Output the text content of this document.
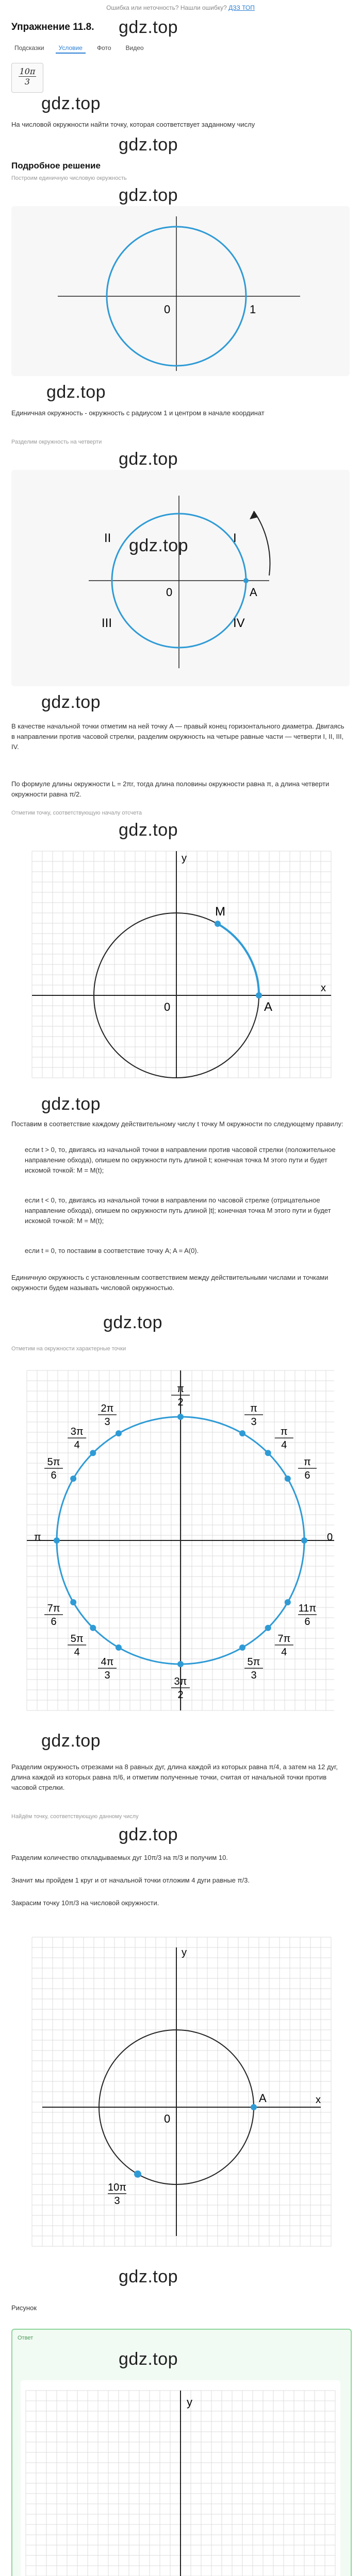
Ошибка или неточность? Нашли ошибку? ДЗЗ ТОП
Упражнение 11.8. gdz.top
Подсказки	Условие	Фото	Видео
$\frac{10\pi}{3}$
gdz.top
На числовой окружности найти точку, которая соответствует заданному числу
gdz.top
Подробное решение
Построим единичную числовую окружность
gdz.top
0	1
gdz.top
Единичная окружность - окружность с радиусом 1 и центром в начале координат
Разделим окружность на четверти
gdz.top
I
II
III	IV
0	A
gdz.top
gdz.top
В качестве начальной точки отметим на ней точку A — правый конец горизонтального диаметра. Двигаясь в направлении против часовой стрелки, разделим окружность на четыре равные части — четверти I, II, III, IV.
По формуле длины окружности L = 2πr, тогда длина половины окружности равна π, а длина четверти окружности равна π/2.
Отметим точку, соответствующую началу отсчета
gdz.top
A
M
0
x
y
gdz.top
Поставим в соответствие каждому действительному числу t точку M окружности по следующему правилу:
если t > 0, то, двигаясь из начальной точки в направлении против часовой стрелки (положительное направление обхода), опишем по окружности путь длиной t; конечная точка M этого пути и будет искомой точкой: M = M(t);
если t < 0, то, двигаясь из начальной точки в направлении по часовой стрелке (отрицательное направление обхода), опишем по окружности путь длиной |t|; конечная точка M этого пути и будет искомой точкой: M = M(t);
если t = 0, то поставим в соответствие точку A; A = A(0).
Единичную окружность с установленным соответствием между действительными числами и точками окружности будем называть числовой окружностью.
gdz.top
Отметим на окружности характерные точки
π
2
2π
3
3π
4
5π
6
π
7π
6
5π
4
4π
3
3π
2
5π
3
7π
4
11π
6
0
π
6
π
4
π
3
gdz.top
Разделим окружность отрезками на 8 равных дуг, длина каждой из которых равна π/4, а затем на 12 дуг, длина каждой из которых равна π/6, и отметим полученные точки, считая от начальной точки против часовой стрелки.
Найдём точку, соответствующую данному числу
gdz.top
Разделим количество откладываемых дуг 10π/3 на π/3 и получим 10.
Значит мы пройдем 1 круг и от начальной точки отложим 4 дуги равные π/3.
Закрасим точку 10π/3 на числовой окружности.
A
0
x
y
10π
3
gdz.top
Рисунок
Ответ
gdz.top
y
